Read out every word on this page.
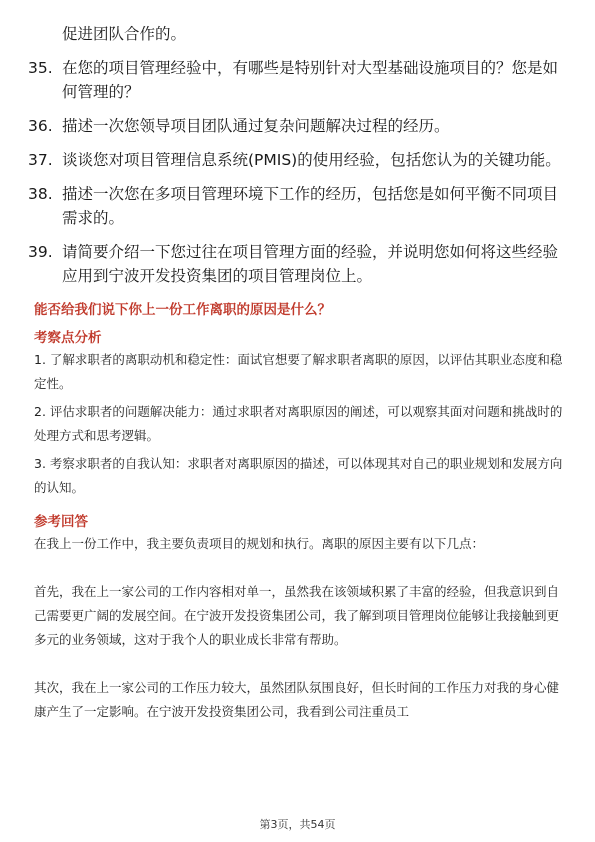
促进团队合作的。
35. 在您的项目管理经验中，有哪些是特别针对大型基础设施项目的？您是如何管理的？
36. 描述一次您领导项目团队通过复杂问题解决过程的经历。
37. 谈谈您对项目管理信息系统(PMIS)的使用经验，包括您认为的关键功能。
38. 描述一次您在多项目管理环境下工作的经历，包括您是如何平衡不同项目需求的。
39. 请简要介绍一下您过往在项目管理方面的经验，并说明您如何将这些经验应用到宁波开发投资集团的项目管理岗位上。
能否给我们说下你上一份工作离职的原因是什么？
考察点分析
1. 了解求职者的离职动机和稳定性：面试官想要了解求职者离职的原因，以评估其职业态度和稳定性。
2. 评估求职者的问题解决能力：通过求职者对离职原因的阐述，可以观察其面对问题和挑战时的处理方式和思考逻辑。
3. 考察求职者的自我认知：求职者对离职原因的描述，可以体现其对自己的职业规划和发展方向的认知。
参考回答
在我上一份工作中，我主要负责项目的规划和执行。离职的原因主要有以下几点：
首先，我在上一家公司的工作内容相对单一，虽然我在该领域积累了丰富的经验，但我意识到自己需要更广阔的发展空间。在宁波开发投资集团公司，我了解到项目管理岗位能够让我接触到更多元的业务领域，这对于我个人的职业成长非常有帮助。
其次，我在上一家公司的工作压力较大，虽然团队氛围良好，但长时间的工作压力对我的身心健康产生了一定影响。在宁波开发投资集团公司，我看到公司注重员工
第3页，共54页
